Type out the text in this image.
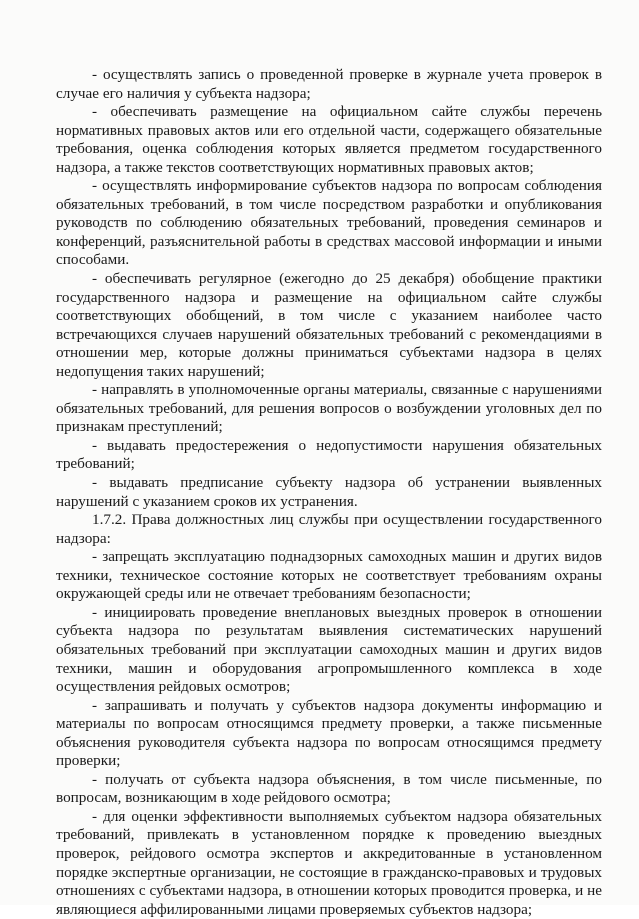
- осуществлять запись о проведенной проверке в журнале учета проверок в случае его наличия у субъекта надзора;

- обеспечивать размещение на официальном сайте службы перечень нормативных правовых актов или его отдельной части, содержащего обязательные требования, оценка соблюдения которых является предметом государственного надзора, а также текстов соответствующих нормативных правовых актов;

- осуществлять информирование субъектов надзора по вопросам соблюдения обязательных требований, в том числе посредством разработки и опубликования руководств по соблюдению обязательных требований, проведения семинаров и конференций, разъяснительной работы в средствах массовой информации и иными способами.

- обеспечивать регулярное (ежегодно до 25 декабря) обобщение практики государственного надзора и размещение на официальном сайте службы соответствующих обобщений, в том числе с указанием наиболее часто встречающихся случаев нарушений обязательных требований с рекомендациями в отношении мер, которые должны приниматься субъектами надзора в целях недопущения таких нарушений;

- направлять в уполномоченные органы материалы, связанные с нарушениями обязательных требований, для решения вопросов о возбуждении уголовных дел по признакам преступлений;

- выдавать предостережения о недопустимости нарушения обязательных требований;

- выдавать предписание субъекту надзора об устранении выявленных нарушений с указанием сроков их устранения.

1.7.2. Права должностных лиц службы при осуществлении государственного надзора:

- запрещать эксплуатацию поднадзорных самоходных машин и других видов техники, техническое состояние которых не соответствует требованиям охраны окружающей среды или не отвечает требованиям безопасности;

- инициировать проведение внеплановых выездных проверок в отношении субъекта надзора по результатам выявления систематических нарушений обязательных требований при эксплуатации самоходных машин и других видов техники, машин и оборудования агропромышленного комплекса в ходе осуществления рейдовых осмотров;

- запрашивать и получать у субъектов надзора документы информацию и материалы по вопросам относящимся предмету проверки, а также письменные объяснения руководителя субъекта надзора по вопросам относящимся предмету проверки;

- получать от субъекта надзора объяснения, в том числе письменные, по вопросам, возникающим в ходе рейдового осмотра;

- для оценки эффективности выполняемых субъектом надзора обязательных требований, привлекать в установленном порядке к проведению выездных проверок, рейдового осмотра экспертов и аккредитованные в установленном порядке экспертные организации, не состоящие в гражданско-правовых и трудовых отношениях с субъектами надзора, в отношении которых проводится проверка, и не являющиеся аффилированными лицами проверяемых субъектов надзора;
